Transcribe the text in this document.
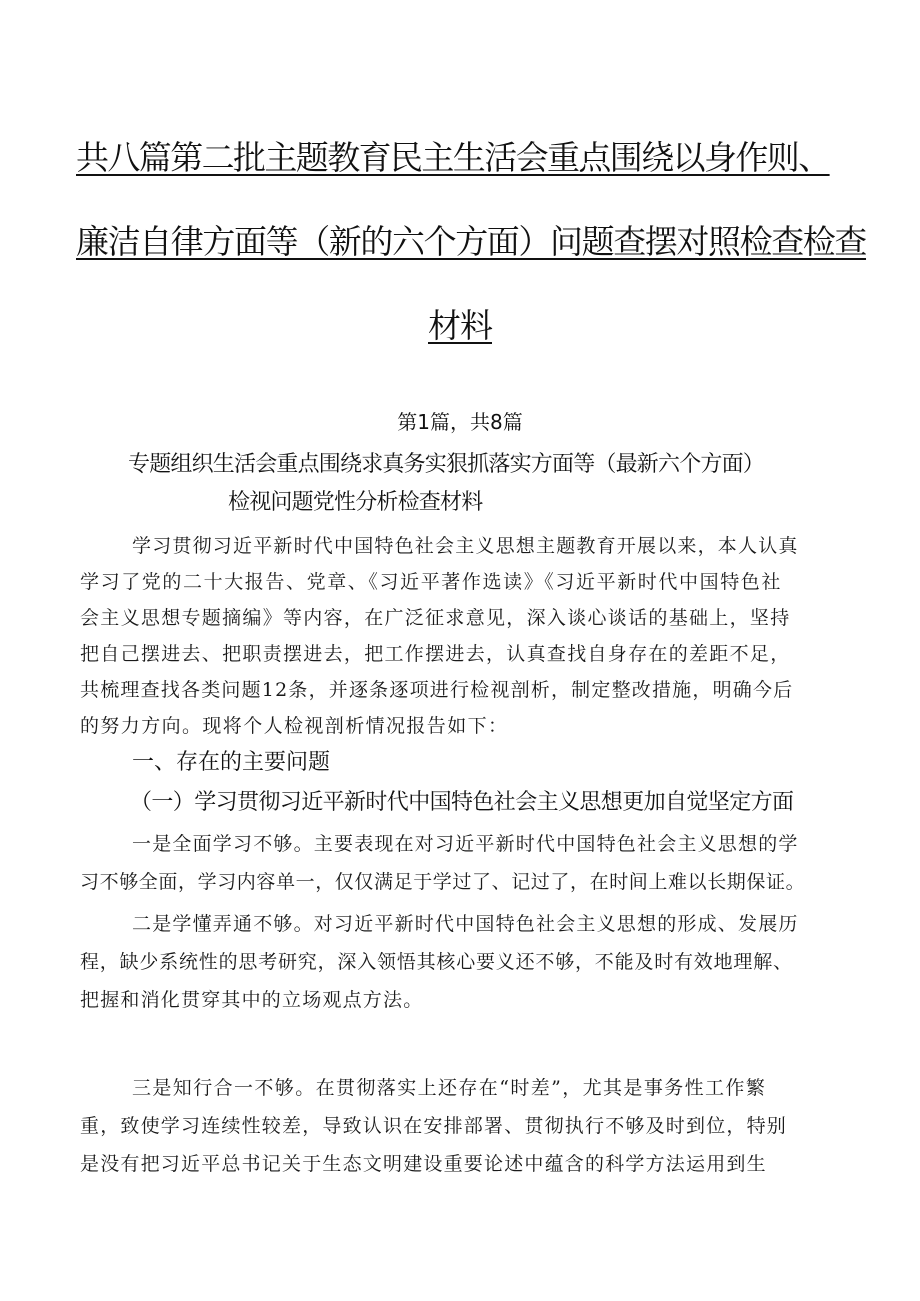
共八篇第二批主题教育民主生活会重点围绕以身作则、
廉洁自律方面等（新的六个方面）问题查摆对照检查检查
材料
第1篇，共8篇
专题组织生活会重点围绕求真务实狠抓落实方面等（最新六个方面）
检视问题党性分析检查材料
学习贯彻习近平新时代中国特色社会主义思想主题教育开展以来，本人认真
学习了党的二十大报告、党章、《习近平著作选读》《习近平新时代中国特色社
会主义思想专题摘编》等内容，在广泛征求意见，深入谈心谈话的基础上，坚持
把自己摆进去、把职责摆进去，把工作摆进去，认真查找自身存在的差距不足，
共梳理查找各类问题12条，并逐条逐项进行检视剖析，制定整改措施，明确今后
的努力方向。现将个人检视剖析情况报告如下：
一、存在的主要问题
（一）学习贯彻习近平新时代中国特色社会主义思想更加自觉坚定方面
一是全面学习不够。主要表现在对习近平新时代中国特色社会主义思想的学
习不够全面，学习内容单一，仅仅满足于学过了、记过了，在时间上难以长期保证。
二是学懂弄通不够。对习近平新时代中国特色社会主义思想的形成、发展历
程，缺少系统性的思考研究，深入领悟其核心要义还不够，不能及时有效地理解、
把握和消化贯穿其中的立场观点方法。
三是知行合一不够。在贯彻落实上还存在“时差”，尤其是事务性工作繁
重，致使学习连续性较差，导致认识在安排部署、贯彻执行不够及时到位，特别
是没有把习近平总书记关于生态文明建设重要论述中蕴含的科学方法运用到生
